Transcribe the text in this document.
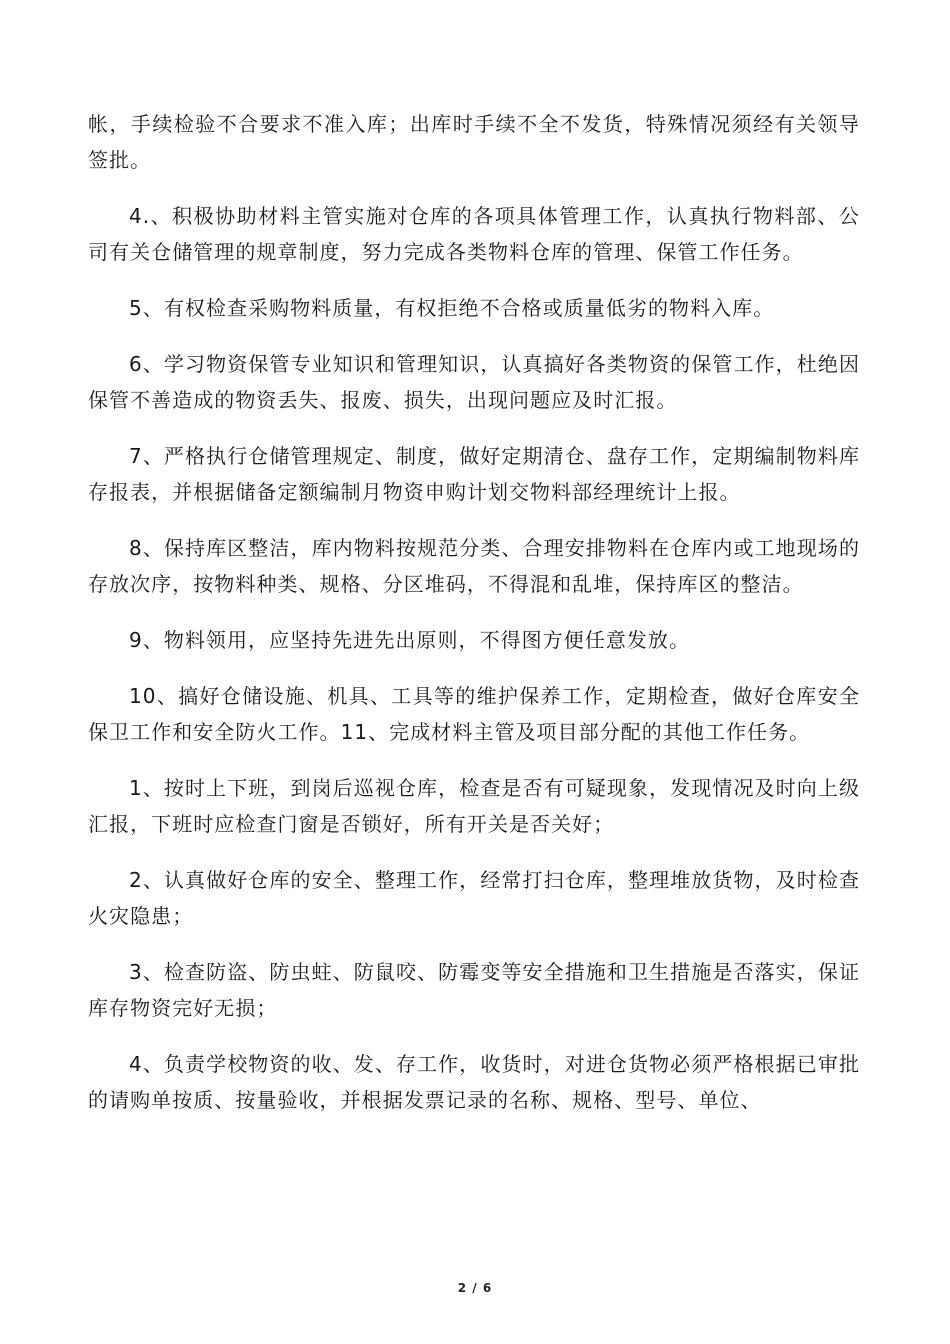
帐，手续检验不合要求不准入库；出库时手续不全不发货，特殊情况须经有关领导签批。

4.、积极协助材料主管实施对仓库的各项具体管理工作，认真执行物料部、公司有关仓储管理的规章制度，努力完成各类物料仓库的管理、保管工作任务。

5、有权检查采购物料质量，有权拒绝不合格或质量低劣的物料入库。

6、学习物资保管专业知识和管理知识，认真搞好各类物资的保管工作，杜绝因保管不善造成的物资丢失、报废、损失，出现问题应及时汇报。

7、严格执行仓储管理规定、制度，做好定期清仓、盘存工作，定期编制物料库存报表，并根据储备定额编制月物资申购计划交物料部经理统计上报。

8、保持库区整洁，库内物料按规范分类、合理安排物料在仓库内或工地现场的存放次序，按物料种类、规格、分区堆码，不得混和乱堆，保持库区的整洁。

9、物料领用，应坚持先进先出原则，不得图方便任意发放。

10、搞好仓储设施、机具、工具等的维护保养工作，定期检查，做好仓库安全保卫工作和安全防火工作。11、完成材料主管及项目部分配的其他工作任务。

1、按时上下班，到岗后巡视仓库，检查是否有可疑现象，发现情况及时向上级汇报，下班时应检查门窗是否锁好，所有开关是否关好；

2、认真做好仓库的安全、整理工作，经常打扫仓库，整理堆放货物，及时检查火灾隐患；

3、检查防盗、防虫蛀、防鼠咬、防霉变等安全措施和卫生措施是否落实，保证库存物资完好无损；

4、负责学校物资的收、发、存工作，收货时，对进仓货物必须严格根据已审批的请购单按质、按量验收，并根据发票记录的名称、规格、型号、单位、

2 / 6
